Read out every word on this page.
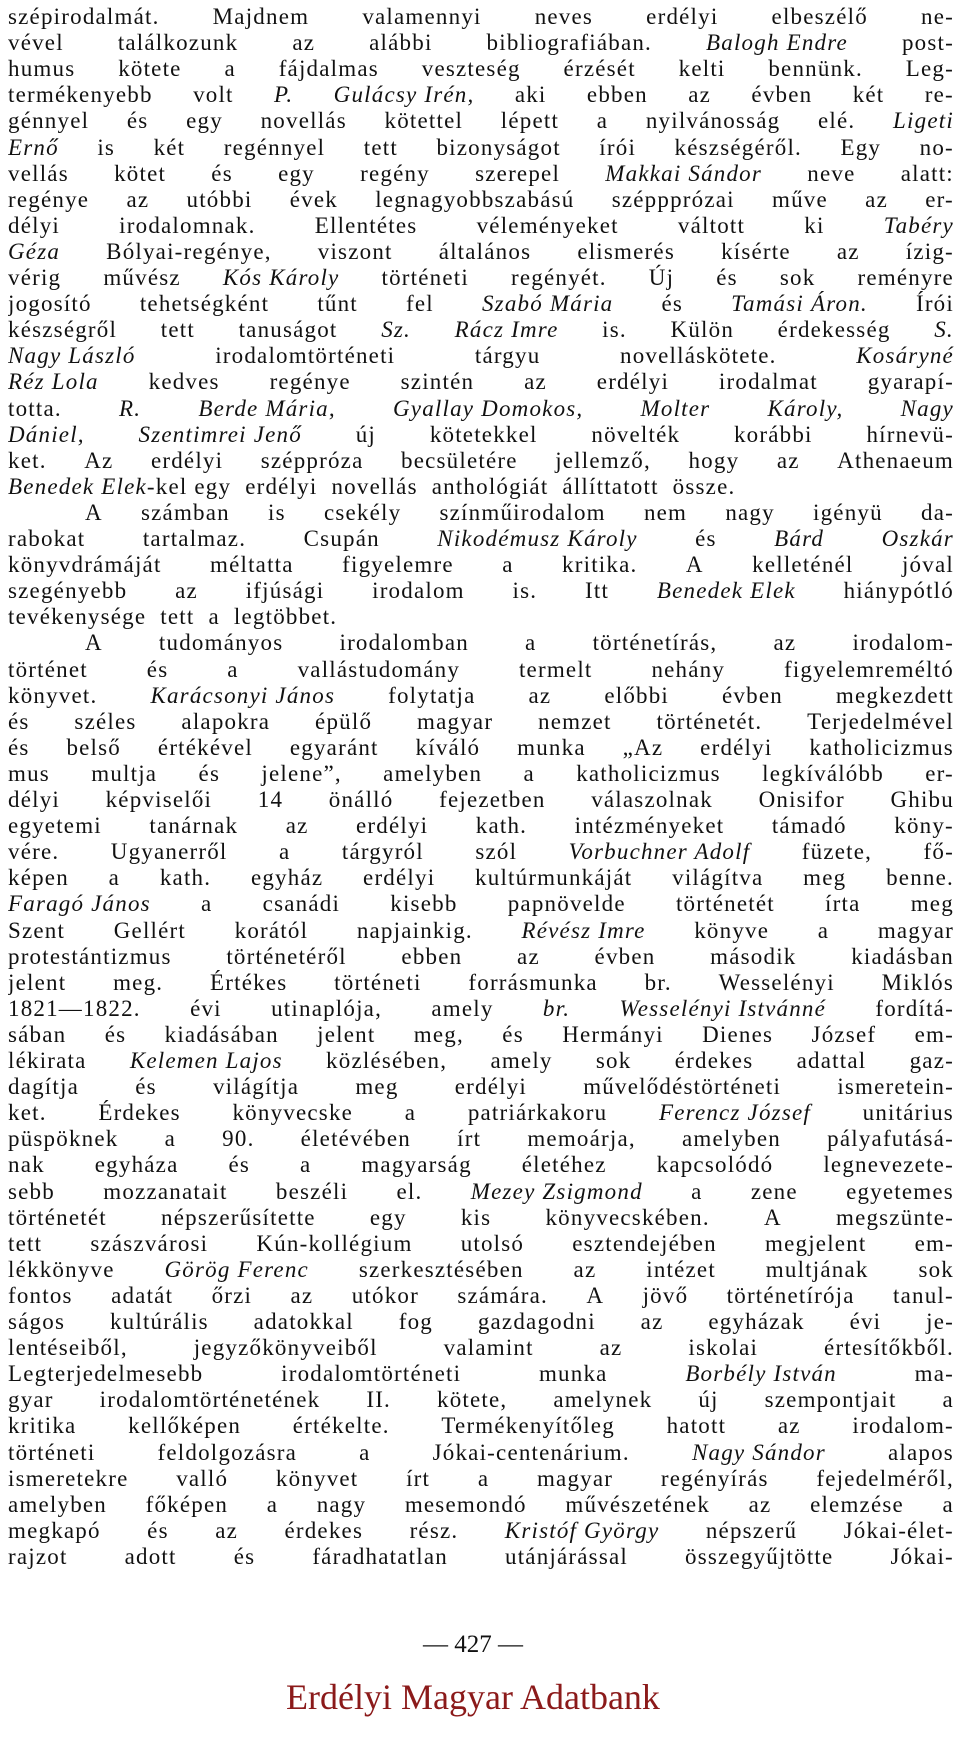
szépirodalmát. Majdnem valamennyi neves erdélyi elbeszélő ne-
vével találkozunk az alábbi bibliografiában. Balogh Endre post-
humus kötete a fájdalmas veszteség érzését kelti bennünk. Leg-
termékenyebb volt P. Gulácsy Irén, aki ebben az évben két re-
génnyel és egy novellás kötettel lépett a nyilvánosság elé. Ligeti
Ernő is két regénnyel tett bizonyságot írói készségéről. Egy no-
vellás kötet és egy regény szerepel Makkai Sándor neve alatt:
regénye az utóbbi évek legnagyobbszabású széppprózai műve az er-
délyi	irodalomnak.	Ellentétes	véleményeket	váltott	ki	Tabéry
Géza Bólyai-regénye, viszont általános elismerés kísérte az ízig-
vérig művész Kós Károly történeti regényét. Új és sok reményre
jogosító tehetségként tűnt fel Szabó Mária és Tamási Áron. Írói
készségről tett tanuságot Sz. Rácz Imre is. Külön érdekesség S.
Nagy László	irodalomtörténeti	tárgyu	novelláskötete.	Kosáryné
Réz Lola kedves regénye szintén az erdélyi irodalmat gyarapí-
totta. R. Berde Mária, Gyallay Domokos, Molter Károly, Nagy
Dániel, Szentimrei Jenő új kötetekkel növelték korábbi hírnevü-
ket. Az erdélyi széppróza becsületére jellemző, hogy az Athenaeum
Benedek Elek -kel egy erdélyi novellás anthológiát állíttatott össze.
A számban is csekély színműirodalom nem nagy igényü da-
rabokat tartalmaz. Csupán Nikodémusz Károly és Bárd Oszkár
könyvdrámáját méltatta figyelemre a kritika. A kelleténél jóval
szegényebb az ifjúsági irodalom is. Itt Benedek Elek hiánypótló
tevékenysége tett a legtöbbet.
A tudományos irodalomban a történetírás, az irodalom-
történet	és	a	vallástudomány	termelt	nehány	figyelemreméltó
könyvet. Karácsonyi János folytatja az előbbi évben megkezdett
és széles alapokra épülő magyar nemzet történetét. Terjedelmével
és belső értékével egyaránt kíváló munka „Az erdélyi katholicizmus
mus multja és jelene”, amelyben a katholicizmus legkíválóbb er-
délyi képviselői 14 önálló fejezetben válaszolnak Onisifor Ghibu
egyetemi tanárnak az erdélyi kath. intézményeket támadó köny-
vére. Ugyanerről a tárgyról szól Vorbuchner Adolf füzete, fő-
képen a kath. egyház erdélyi kultúrmunkáját világítva meg benne.
Faragó János a csanádi kisebb papnövelde történetét írta meg
Szent Gellért korától napjainkig. Révész Imre könyve a magyar
protestántizmus történetéről ebben az évben második kiadásban
jelent meg. Értékes történeti forrásmunka br. Wesselényi Miklós
1821—1822. évi utinaplója, amely br. Wesselényi Istvánné fordítá-
sában és kiadásában jelent meg, és Hermányi Dienes József em-
lékirata Kelemen Lajos közlésében, amely sok érdekes adattal gaz-
dagítja és világítja meg erdélyi művelődéstörténeti ismeretein-
ket. Érdekes könyvecske a patriárkakoru Ferencz József unitárius
püspöknek a 90. életévében írt memoárja, amelyben pályafutásá-
nak egyháza és a magyarság életéhez kapcsolódó legnevezete-
sebb mozzanatait beszéli el. Mezey Zsigmond a zene egyetemes
történetét népszerűsítette egy kis könyvecskében. A megszünte-
tett szászvárosi Kún-kollégium utolsó esztendejében megjelent em-
lékkönyve Görög Ferenc szerkesztésében az intézet multjának sok
fontos adatát őrzi az utókor számára. A jövő történetírója tanul-
ságos kultúrális adatokkal fog gazdagodni az egyházak évi je-
lentéseiből,	jegyzőkönyveiből	valamint	az	iskolai	értesítőkből.
Legterjedelmesebb	irodalomtörténeti	munka	Borbély István	ma-
gyar irodalomtörténetének II. kötete, amelynek új szempontjait a
kritika kellőképen értékelte. Termékenyítőleg hatott az irodalom-
történeti	feldolgozásra	a	Jókai-centenárium.	Nagy Sándor	alapos
ismeretekre valló könyvet írt a magyar regényírás fejedelméről,
amelyben főképen a nagy mesemondó művészetének az elemzése a
megkapó és az érdekes rész. Kristóf György népszerű Jókai-élet-
rajzot adott és fáradhatatlan utánjárással összegyűjtötte Jókai-
— 427 —
Erdélyi Magyar Adatbank
